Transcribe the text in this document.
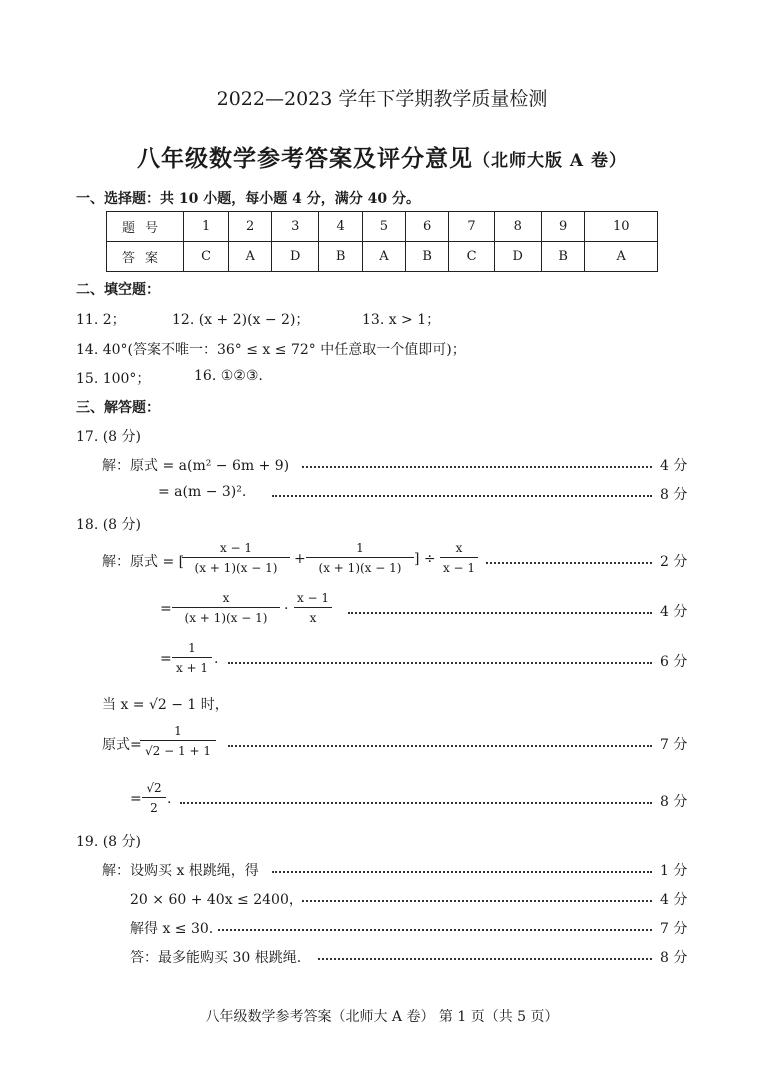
2022—2023 学年下学期教学质量检测
八年级数学参考答案及评分意见（北师大版 A 卷）
一、选择题：共 10 小题，每小题 4 分，满分 40 分。
题号	1	2	3	4	5	6	7	8	9	10
答案	C	A	D	B	A	B	C	D	B	A
二、填空题：
11. 2；	12. (x + 2)(x − 2)；	13. x > 1；
14. 40°(答案不唯一：36° ≤ x ≤ 72° 中任意取一个值即可)；
15. 100°；	16. ①②③.
三、解答题：
17. (8 分)
解：原式 = a(m² − 6m + 9)	4 分
= a(m − 3)².	8 分
18. (8 分)
解：原式 = [
$\frac{x - 1}{(x + 1)(x - 1)} + \frac{1}{(x + 1)(x - 1)}$ ] ÷ $\frac{x}{x - 1}$	2 分
= $\frac{x}{(x + 1)(x - 1)} \cdot \frac{x - 1}{x}$	4 分
= $\frac{1}{x + 1}$ .	6 分
当 x = √2 − 1 时，
原式=
$\frac{1}{√2 - 1 + 1}$	7 分
= $\frac{√2}{2}$ .	8 分
19. (8 分)
解：设购买 x 根跳绳，得	1 分
20 × 60 + 40x ≤ 2400，	4 分
解得 x ≤ 30.	7 分
答：最多能购买 30 根跳绳.	8 分
八年级数学参考答案（北师大 A 卷） 第 1 页（共 5 页）
